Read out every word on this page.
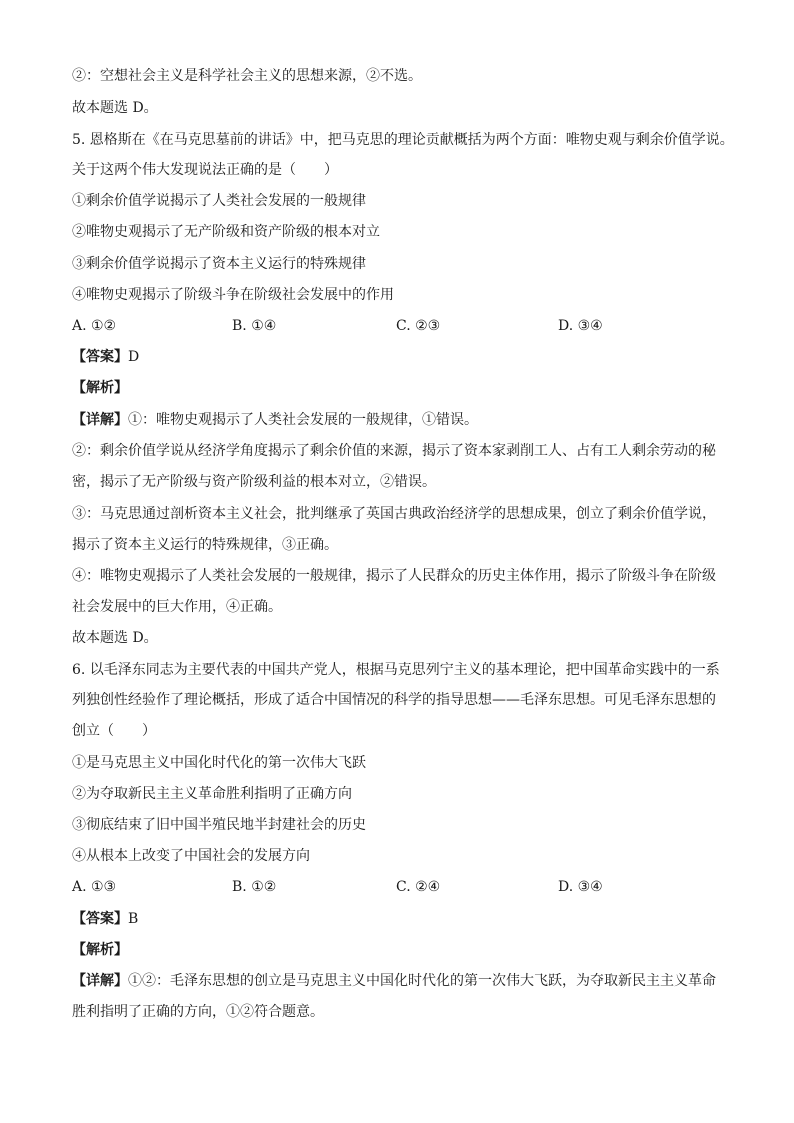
②：空想社会主义是科学社会主义的思想来源，②不选。
故本题选 D。
5. 恩格斯在《在马克思墓前的讲话》中，把马克思的理论贡献概括为两个方面：唯物史观与剩余价值学说。
关于这两个伟大发现说法正确的是（　　）
①剩余价值学说揭示了人类社会发展的一般规律
②唯物史观揭示了无产阶级和资产阶级的根本对立
③剩余价值学说揭示了资本主义运行的特殊规律
④唯物史观揭示了阶级斗争在阶级社会发展中的作用
A. ①②	B. ①④	C. ②③	D. ③④
【答案】D
【解析】
【详解】①：唯物史观揭示了人类社会发展的一般规律，①错误。
②：剩余价值学说从经济学角度揭示了剩余价值的来源，揭示了资本家剥削工人、占有工人剩余劳动的秘
密，揭示了无产阶级与资产阶级利益的根本对立，②错误。
③：马克思通过剖析资本主义社会，批判继承了英国古典政治经济学的思想成果，创立了剩余价值学说，
揭示了资本主义运行的特殊规律，③正确。
④：唯物史观揭示了人类社会发展的一般规律，揭示了人民群众的历史主体作用，揭示了阶级斗争在阶级
社会发展中的巨大作用，④正确。
故本题选 D。
6. 以毛泽东同志为主要代表的中国共产党人，根据马克思列宁主义的基本理论，把中国革命实践中的一系
列独创性经验作了理论概括，形成了适合中国情况的科学的指导思想——毛泽东思想。可见毛泽东思想的
创立（　　）
①是马克思主义中国化时代化的第一次伟大飞跃
②为夺取新民主主义革命胜利指明了正确方向
③彻底结束了旧中国半殖民地半封建社会的历史
④从根本上改变了中国社会的发展方向
A. ①③	B. ①②	C. ②④	D. ③④
【答案】B
【解析】
【详解】①②：毛泽东思想的创立是马克思主义中国化时代化的第一次伟大飞跃，为夺取新民主主义革命
胜利指明了正确的方向，①②符合题意。
